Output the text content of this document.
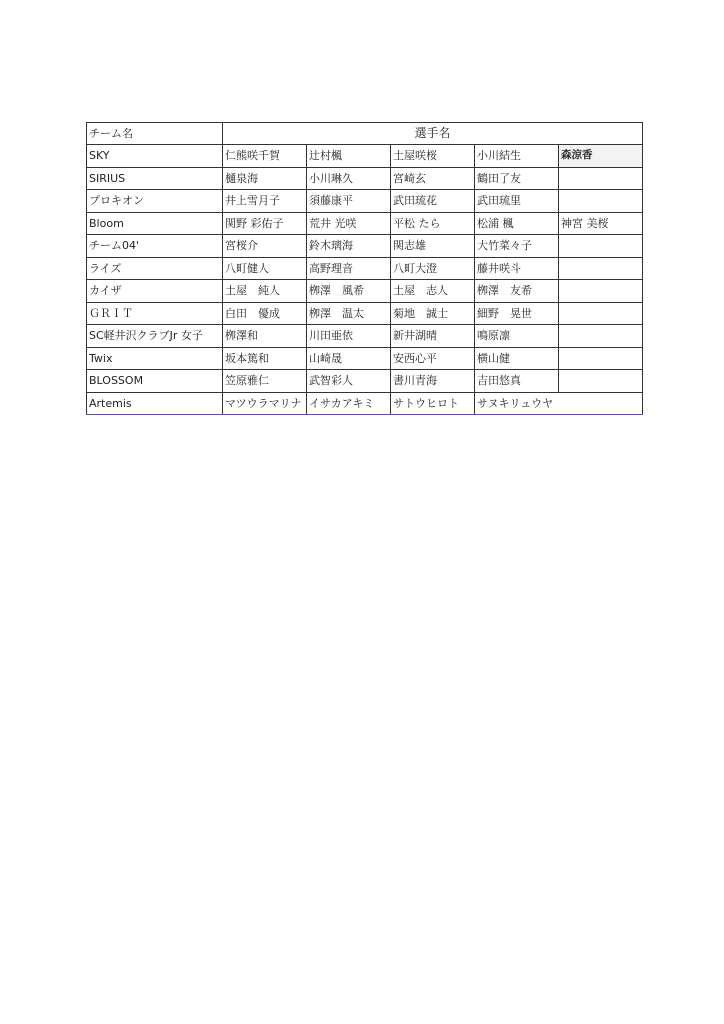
チーム名	選手名				
SKY	仁熊咲千賀	辻村楓	土屋咲桜	小川結生	森涼香
SIRIUS	樋泉海	小川琳久	宮崎玄	鶴田了友	
プロキオン	井上雪月子	須藤康平	武田琉花	武田琉里	
Bloom	関野 彩佑子	荒井 光咲	平松 たら	松浦 楓	神宮 美桜
チーム04'	宮桜介	鈴木璃海	関志雄	大竹菜々子	
ライズ	八町健人	高野理音	八町大澄	藤井咲斗	
カイザ	土屋　純人	栁澤　風希	土屋　志人	栁澤　友希	
ＧＲＩＴ	白田　優成	栁澤　温太	菊地　誠士	細野　晃世	
SC軽井沢クラブJr 女子	栁澤和	川田亜依	新井湖晴	鳴原凛	
Twix	坂本篤和	山崎晟	安西心平	横山健	
BLOSSOM	笠原雅仁	武智彩人	書川青海	吉田悠真	
Artemis	マツウラマリナ	イサカアキミ	サトウヒロト	サヌキリュウヤ	
